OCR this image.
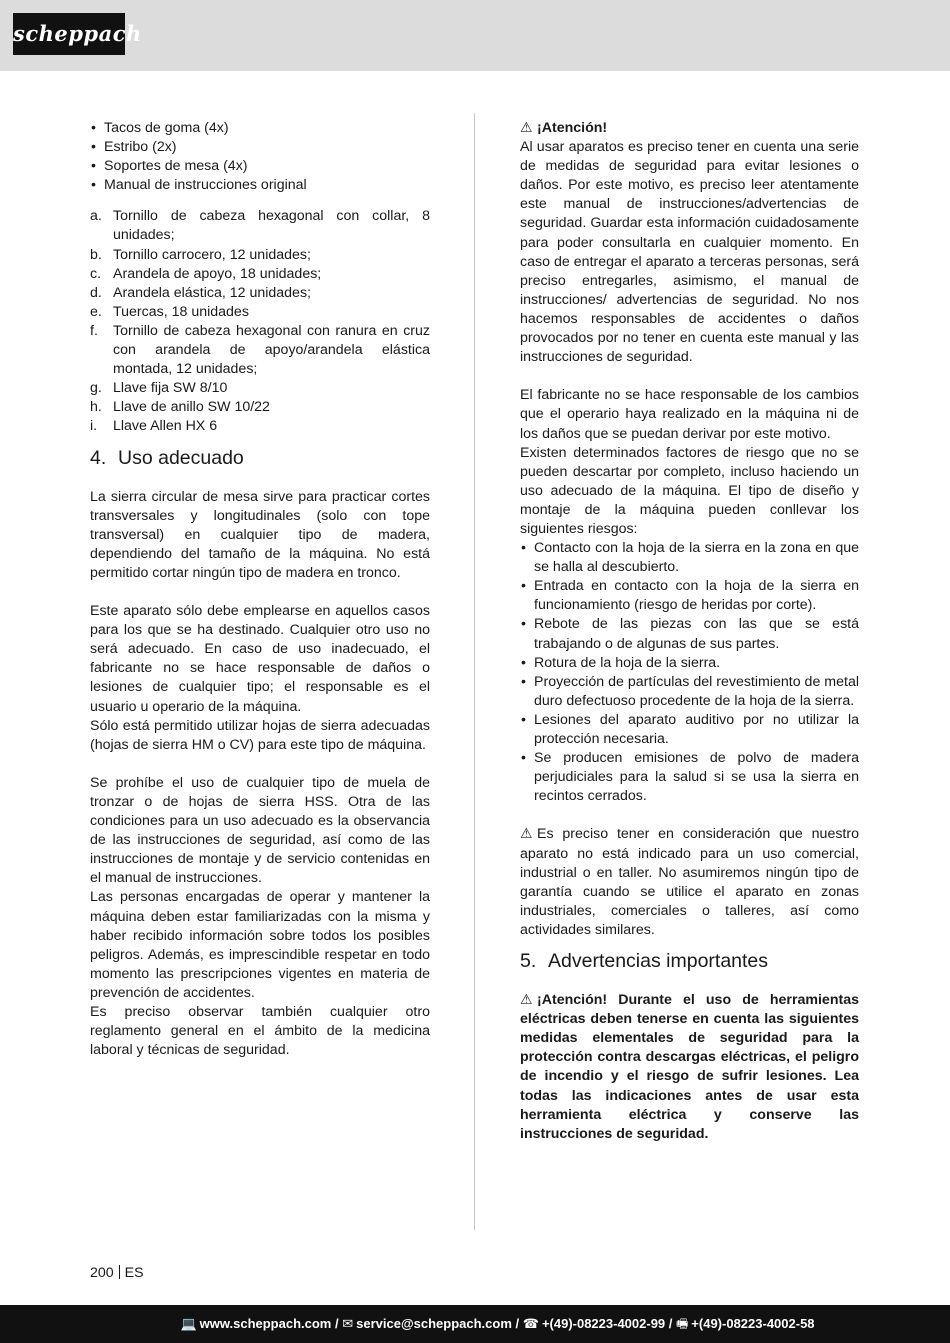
scheppach
• Tacos de goma (4x)
• Estribo (2x)
• Soportes de mesa (4x)
• Manual de instrucciones original
a. Tornillo de cabeza hexagonal con collar, 8 unidades;
b. Tornillo carrocero, 12 unidades;
c. Arandela de apoyo, 18 unidades;
d. Arandela elástica, 12 unidades;
e. Tuercas, 18 unidades
f. Tornillo de cabeza hexagonal con ranura en cruz con arandela de apoyo/arandela elástica montada, 12 unidades;
g. Llave fija SW 8/10
h. Llave de anillo SW 10/22
i. Llave Allen HX 6
4. Uso adecuado

La sierra circular de mesa sirve para practicar cortes transversales y longitudinales (solo con tope transversal) en cualquier tipo de madera, dependiendo del tamaño de la máquina. No está permitido cortar ningún tipo de madera en tronco.

Este aparato sólo debe emplearse en aquellos casos para los que se ha destinado. Cualquier otro uso no será adecuado. En caso de uso inadecuado, el fabricante no se hace responsable de daños o lesiones de cualquier tipo; el responsable es el usuario u operario de la máquina.

Sólo está permitido utilizar hojas de sierra adecuadas (hojas de sierra HM o CV) para este tipo de máquina.

Se prohíbe el uso de cualquier tipo de muela de tronzar o de hojas de sierra HSS. Otra de las condiciones para un uso adecuado es la observancia de las instrucciones de seguridad, así como de las instrucciones de montaje y de servicio contenidas en el manual de instrucciones.

Las personas encargadas de operar y mantener la máquina deben estar familiarizadas con la misma y haber recibido información sobre todos los posibles peligros. Además, es imprescindible respetar en todo momento las prescripciones vigentes en materia de prevención de accidentes.

Es preciso observar también cualquier otro reglamento general en el ámbito de la medicina laboral y técnicas de seguridad.

⚠ ¡Atención!

Al usar aparatos es preciso tener en cuenta una serie de medidas de seguridad para evitar lesiones o daños. Por este motivo, es preciso leer atentamente este manual de instrucciones/advertencias de seguridad. Guardar esta información cuidadosamente para poder consultarla en cualquier momento. En caso de entregar el aparato a terceras personas, será preciso entregarles, asimismo, el manual de instrucciones/ advertencias de seguridad. No nos hacemos responsables de accidentes o daños provocados por no tener en cuenta este manual y las instrucciones de seguridad.

El fabricante no se hace responsable de los cambios que el operario haya realizado en la máquina ni de los daños que se puedan derivar por este motivo.

Existen determinados factores de riesgo que no se pueden descartar por completo, incluso haciendo un uso adecuado de la máquina. El tipo de diseño y montaje de la máquina pueden conllevar los siguientes riesgos:

• Contacto con la hoja de la sierra en la zona en que se halla al descubierto.
• Entrada en contacto con la hoja de la sierra en funcionamiento (riesgo de heridas por corte).
• Rebote de las piezas con las que se está trabajando o de algunas de sus partes.
• Rotura de la hoja de la sierra.
• Proyección de partículas del revestimiento de metal duro defectuoso procedente de la hoja de la sierra.
• Lesiones del aparato auditivo por no utilizar la protección necesaria.
• Se producen emisiones de polvo de madera perjudiciales para la salud si se usa la sierra en recintos cerrados.

⚠ Es preciso tener en consideración que nuestro aparato no está indicado para un uso comercial, industrial o en taller. No asumiremos ningún tipo de garantía cuando se utilice el aparato en zonas industriales, comerciales o talleres, así como actividades similares.

5. Advertencias importantes

⚠ ¡Atención! Durante el uso de herramientas eléctricas deben tenerse en cuenta las siguientes medidas elementales de seguridad para la protección contra descargas eléctricas, el peligro de incendio y el riesgo de sufrir lesiones. Lea todas las indicaciones antes de usar esta herramienta eléctrica y conserve las instrucciones de seguridad.

200 ES
💻 www.scheppach.com / ✉ service@scheppach.com / ☎ +(49)-08223-4002-99 / 🖷 +(49)-08223-4002-58
